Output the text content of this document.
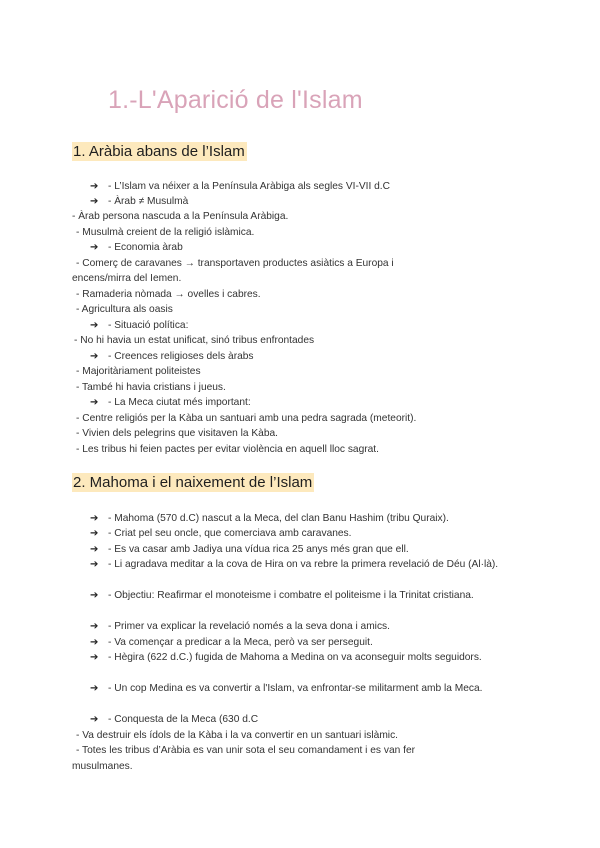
1.-L'Aparició de l'Islam
1. Aràbia abans de l’Islam
➔ - L’Islam va néixer a la Península Aràbiga als segles VI-VII d.C
➔ - Àrab ≠ Musulmà
- Àrab persona nascuda a la Península Aràbiga.
- Musulmà creient de la religió islàmica.
➔ - Economia àrab
- Comerç de caravanes → transportaven productes asiàtics a Europa i
encens/mirra del Iemen.
- Ramaderia nòmada → ovelles i cabres.
- Agricultura als oasis
➔ - Situació política:
- No hi havia un estat unificat, sinó tribus enfrontades
➔ - Creences religioses dels àrabs
- Majoritàriament politeistes
- També hi havia cristians i jueus.
➔ - La Meca ciutat més important:
- Centre religiós per la Kàba un santuari amb una pedra sagrada (meteorit).
- Vivien dels pelegrins que visitaven la Kàba.
- Les tribus hi feien pactes per evitar violència en aquell lloc sagrat.
2. Mahoma i el naixement de l’Islam
➔ - Mahoma (570 d.C) nascut a la Meca, del clan Banu Hashim (tribu Quraix).
➔ - Criat pel seu oncle, que comerciava amb caravanes.
➔ - Es va casar amb Jadiya una vídua rica 25 anys més gran que ell.
➔ - Li agradava meditar a la cova de Hira on va rebre la primera revelació de Déu (Al·là).
➔ - Objectiu: Reafirmar el monoteisme i combatre el politeisme i la Trinitat cristiana.
➔ - Primer va explicar la revelació només a la seva dona i amics.
➔ - Va començar a predicar a la Meca, però va ser perseguit.
➔ - Hègira (622 d.C.) fugida de Mahoma a Medina on va aconseguir molts seguidors.
➔ - Un cop Medina es va convertir a l'Islam, va enfrontar-se militarment amb la Meca.
➔ - Conquesta de la Meca (630 d.C
- Va destruir els ídols de la Kàba i la va convertir en un santuari islàmic.
- Totes les tribus d’Aràbia es van unir sota el seu comandament i es van fer
musulmanes.
